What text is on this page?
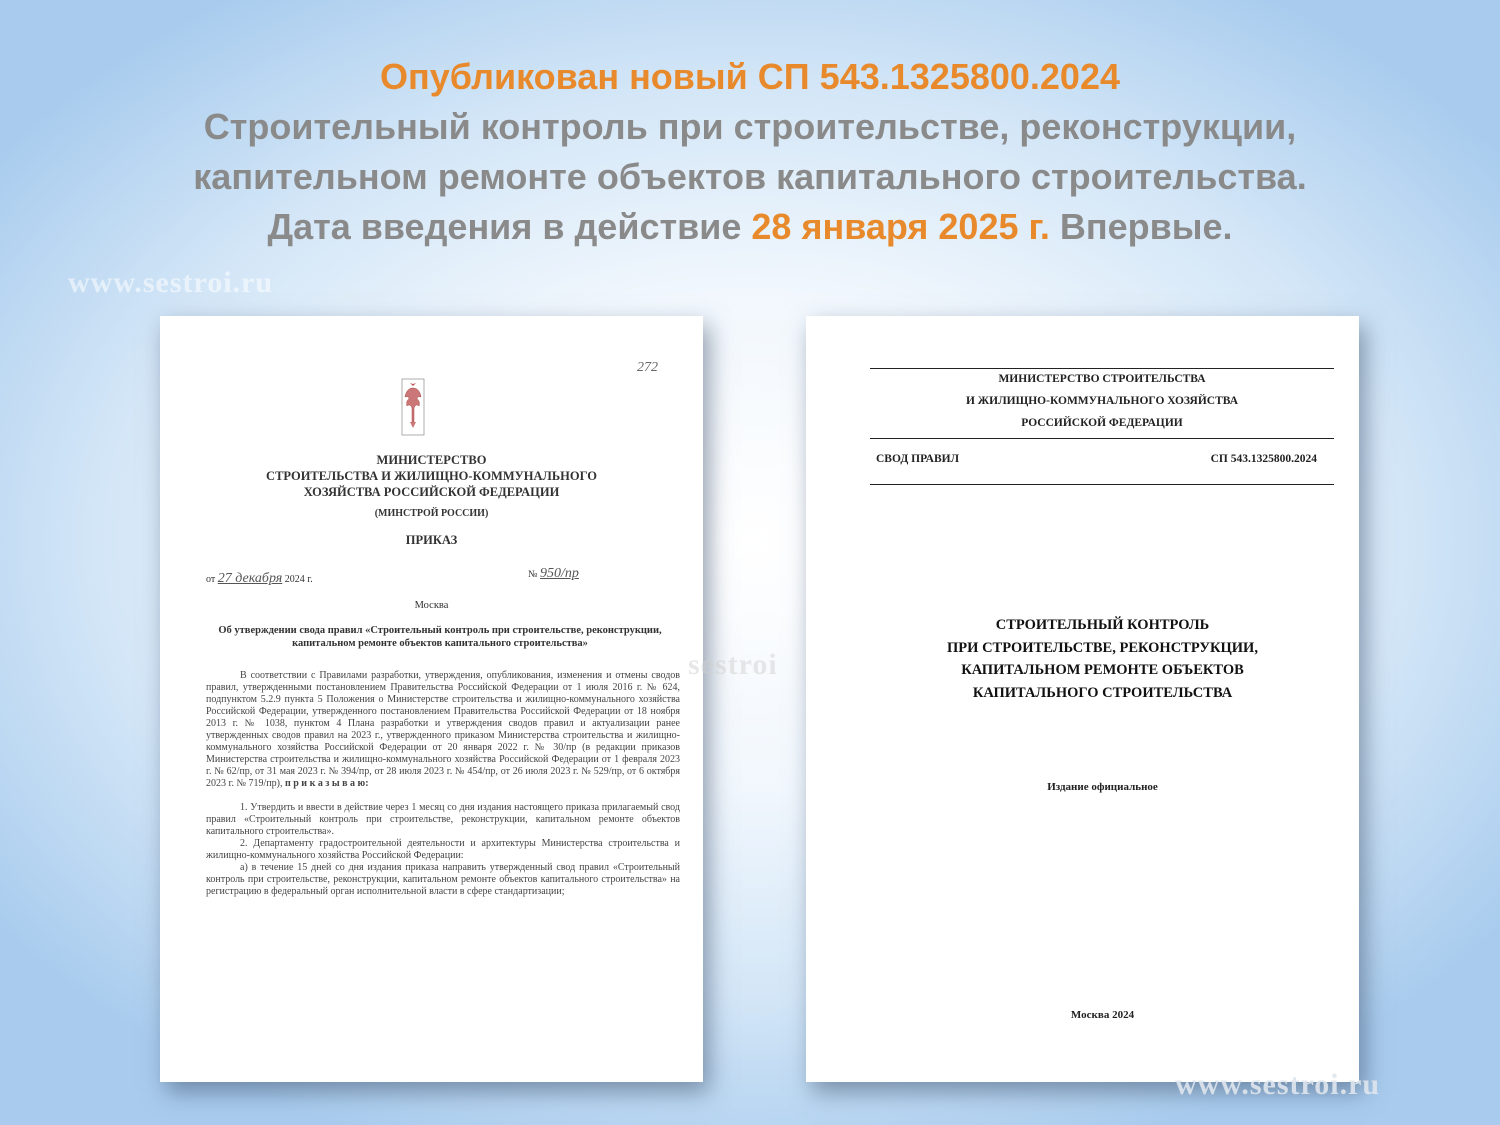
Опубликован новый СП 543.1325800.2024
Строительный контроль при строительстве, реконструкции,
капительном ремонте объектов капитального строительства.
Дата введения в действие 28 января 2025 г. Впервые.
www.sestroi.ru
272
МИНИСТЕРСТВО
СТРОИТЕЛЬСТВА И ЖИЛИЩНО-КОММУНАЛЬНОГО
ХОЗЯЙСТВА РОССИЙСКОЙ ФЕДЕРАЦИИ
(МИНСТРОЙ РОССИИ)
ПРИКАЗ
от 27 декабря 2024 г.	№ 950/пр
Москва
Об утверждении свода правил «Строительный контроль при строительстве, реконструкции, капитальном ремонте объектов капитального строительства»

В соответствии с Правилами разработки, утверждения, опубликования, изменения и отмены сводов правил, утвержденными постановлением Правительства Российской Федерации от 1 июля 2016 г. № 624, подпунктом 5.2.9 пункта 5 Положения о Министерстве строительства и жилищно-коммунального хозяйства Российской Федерации, утвержденного постановлением Правительства Российской Федерации от 18 ноября 2013 г. № 1038, пунктом 4 Плана разработки и утверждения сводов правил и актуализации ранее утвержденных сводов правил на 2023 г., утвержденного приказом Министерства строительства и жилищно-коммунального хозяйства Российской Федерации от 20 января 2022 г. № 30/пр (в редакции приказов Министерства строительства и жилищно-коммунального хозяйства Российской Федерации от 1 февраля 2023 г. № 62/пр, от 31 мая 2023 г. № 394/пр, от 28 июля 2023 г. № 454/пр, от 26 июля 2023 г. № 529/пр, от 6 октября 2023 г. № 719/пр), п р и к а з ы в а ю:

1. Утвердить и ввести в действие через 1 месяц со дня издания настоящего приказа прилагаемый свод правил «Строительный контроль при строительстве, реконструкции, капитальном ремонте объектов капитального строительства».

2. Департаменту градостроительной деятельности и архитектуры Министерства строительства и жилищно-коммунального хозяйства Российской Федерации:

а) в течение 15 дней со дня издания приказа направить утвержденный свод правил «Строительный контроль при строительстве, реконструкции, капитальном ремонте объектов капитального строительства» на регистрацию в федеральный орган исполнительной власти в сфере стандартизации;

МИНИСТЕРСТВО СТРОИТЕЛЬСТВА
И ЖИЛИЩНО-КОММУНАЛЬНОГО ХОЗЯЙСТВА
РОССИЙСКОЙ ФЕДЕРАЦИИ
СВОД ПРАВИЛ	СП 543.1325800.2024
СТРОИТЕЛЬНЫЙ КОНТРОЛЬ
ПРИ СТРОИТЕЛЬСТВЕ, РЕКОНСТРУКЦИИ,
КАПИТАЛЬНОМ РЕМОНТЕ ОБЪЕКТОВ
КАПИТАЛЬНОГО СТРОИТЕЛЬСТВА
Издание официальное
Москва 2024
sestroi
www.sestroi.ru
